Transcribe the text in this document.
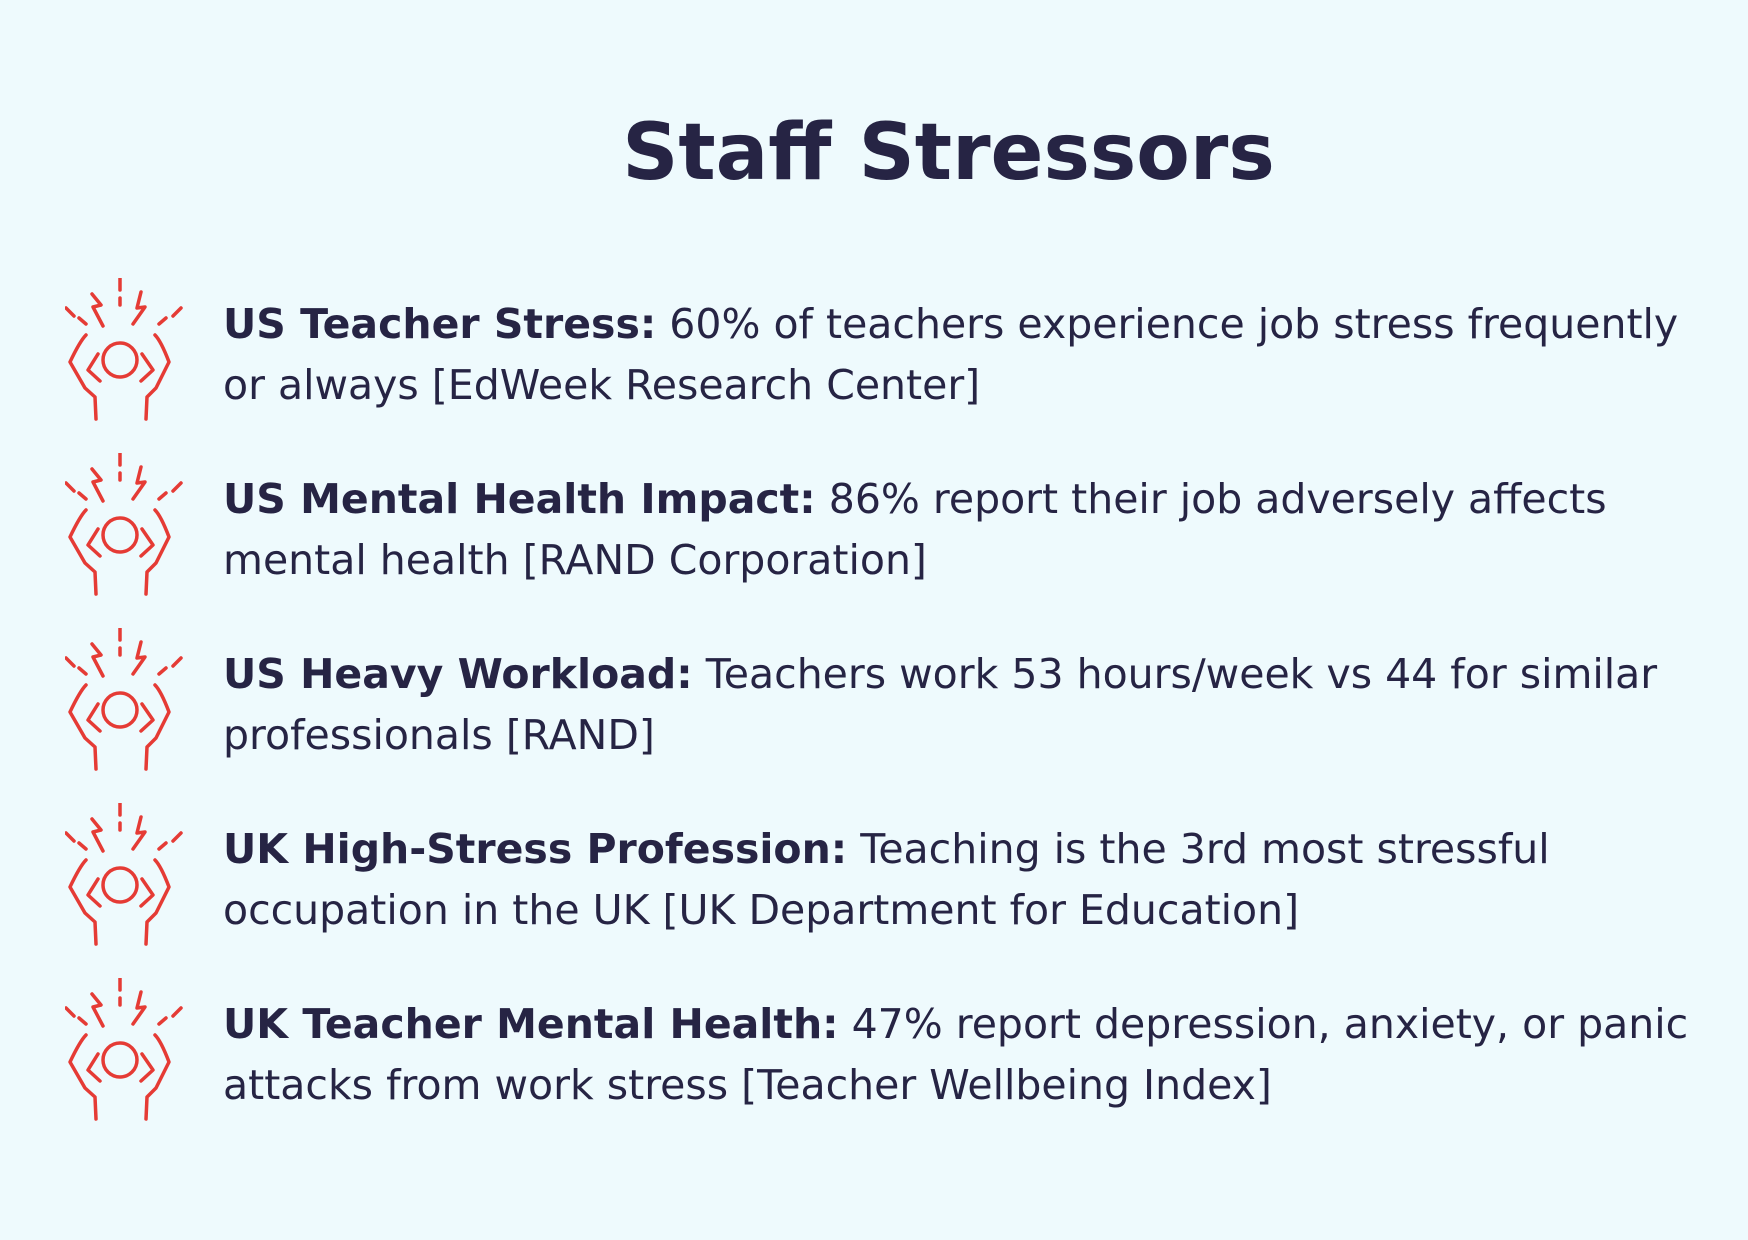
Staff Stressors
US Teacher Stress: 60% of teachers experience job stress frequently or always [EdWeek Research Center]
US Mental Health Impact: 86% report their job adversely affects mental health [RAND Corporation]
US Heavy Workload: Teachers work 53 hours/week vs 44 for similar professionals [RAND]
UK High-Stress Profession: Teaching is the 3rd most stressful occupation in the UK [UK Department for Education]
UK Teacher Mental Health: 47% report depression, anxiety, or panic attacks from work stress [Teacher Wellbeing Index]
